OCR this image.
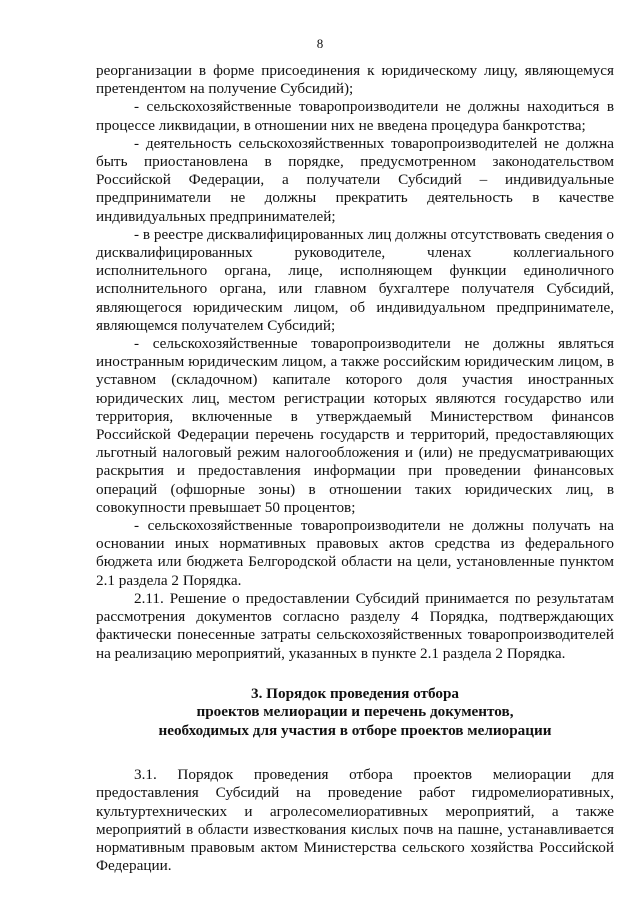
8

реорганизации в форме присоединения к юридическому лицу, являющемуся претендентом на получение Субсидий);

- сельскохозяйственные товаропроизводители не должны находиться в процессе ликвидации, в отношении них не введена процедура банкротства;

- деятельность сельскохозяйственных товаропроизводителей не должна быть приостановлена в порядке, предусмотренном законодательством Российской Федерации, а получатели Субсидий – индивидуальные предприниматели не должны прекратить деятельность в качестве индивидуальных предпринимателей;

- в реестре дисквалифицированных лиц должны отсутствовать сведения о дисквалифицированных руководителе, членах коллегиального исполнительного органа, лице, исполняющем функции единоличного исполнительного органа, или главном бухгалтере получателя Субсидий, являющегося юридическим лицом, об индивидуальном предпринимателе, являющемся получателем Субсидий;

- сельскохозяйственные товаропроизводители не должны являться иностранным юридическим лицом, а также российским юридическим лицом, в уставном (складочном) капитале которого доля участия иностранных юридических лиц, местом регистрации которых являются государство или территория, включенные в утверждаемый Министерством финансов Российской Федерации перечень государств и территорий, предоставляющих льготный налоговый режим налогообложения и (или) не предусматривающих раскрытия и предоставления информации при проведении финансовых операций (офшорные зоны) в отношении таких юридических лиц, в совокупности превышает 50 процентов;

- сельскохозяйственные товаропроизводители не должны получать на основании иных нормативных правовых актов средства из федерального бюджета или бюджета Белгородской области на цели, установленные пунктом 2.1 раздела 2 Порядка.

2.11. Решение о предоставлении Субсидий принимается по результатам рассмотрения документов согласно разделу 4 Порядка, подтверждающих фактически понесенные затраты сельскохозяйственных товаропроизводителей на реализацию мероприятий, указанных в пункте 2.1 раздела 2 Порядка.

3. Порядок проведения отбора
проектов мелиорации и перечень документов,
необходимых для участия в отборе проектов мелиорации

3.1. Порядок проведения отбора проектов мелиорации для предоставления Субсидий на проведение работ гидромелиоративных, культуртехнических и агролесомелиоративных мероприятий, а также мероприятий в области известкования кислых почв на пашне, устанавливается нормативным правовым актом Министерства сельского хозяйства Российской Федерации.
